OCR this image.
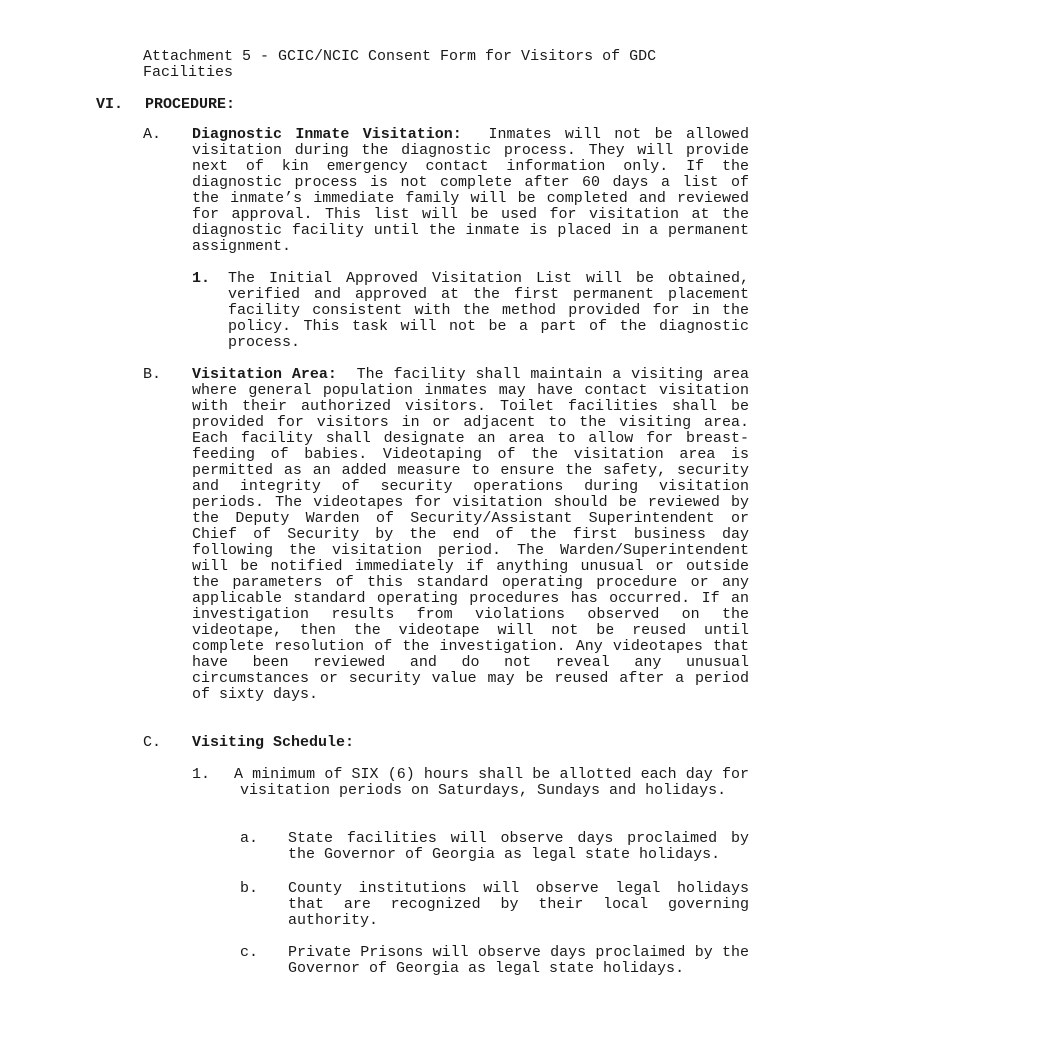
Attachment 5 - GCIC/NCIC Consent Form for Visitors of GDC Facilities
VI. PROCEDURE:
A. Diagnostic Inmate Visitation: Inmates will not be allowed visitation during the diagnostic process. They will provide next of kin emergency contact information only. If the diagnostic process is not complete after 60 days a list of the inmate’s immediate family will be completed and reviewed for approval. This list will be used for visitation at the diagnostic facility until the inmate is placed in a permanent assignment.
1. The Initial Approved Visitation List will be obtained, verified and approved at the first permanent placement facility consistent with the method provided for in the policy. This task will not be a part of the diagnostic process.
B. Visitation Area: The facility shall maintain a visiting area where general population inmates may have contact visitation with their authorized visitors. Toilet facilities shall be provided for visitors in or adjacent to the visiting area. Each facility shall designate an area to allow for breast-feeding of babies. Videotaping of the visitation area is permitted as an added measure to ensure the safety, security and integrity of security operations during visitation periods. The videotapes for visitation should be reviewed by the Deputy Warden of Security/Assistant Superintendent or Chief of Security by the end of the first business day following the visitation period. The Warden/Superintendent will be notified immediately if anything unusual or outside the parameters of this standard operating procedure or any applicable standard operating procedures has occurred. If an investigation results from violations observed on the videotape, then the videotape will not be reused until complete resolution of the investigation. Any videotapes that have been reviewed and do not reveal any unusual circumstances or security value may be reused after a period of sixty days.
C. Visiting Schedule:
1. A minimum of SIX (6) hours shall be allotted each day for visitation periods on Saturdays, Sundays and holidays.
a. State facilities will observe days proclaimed by the Governor of Georgia as legal state holidays.
b. County institutions will observe legal holidays that are recognized by their local governing authority.
c. Private Prisons will observe days proclaimed by the Governor of Georgia as legal state holidays.
